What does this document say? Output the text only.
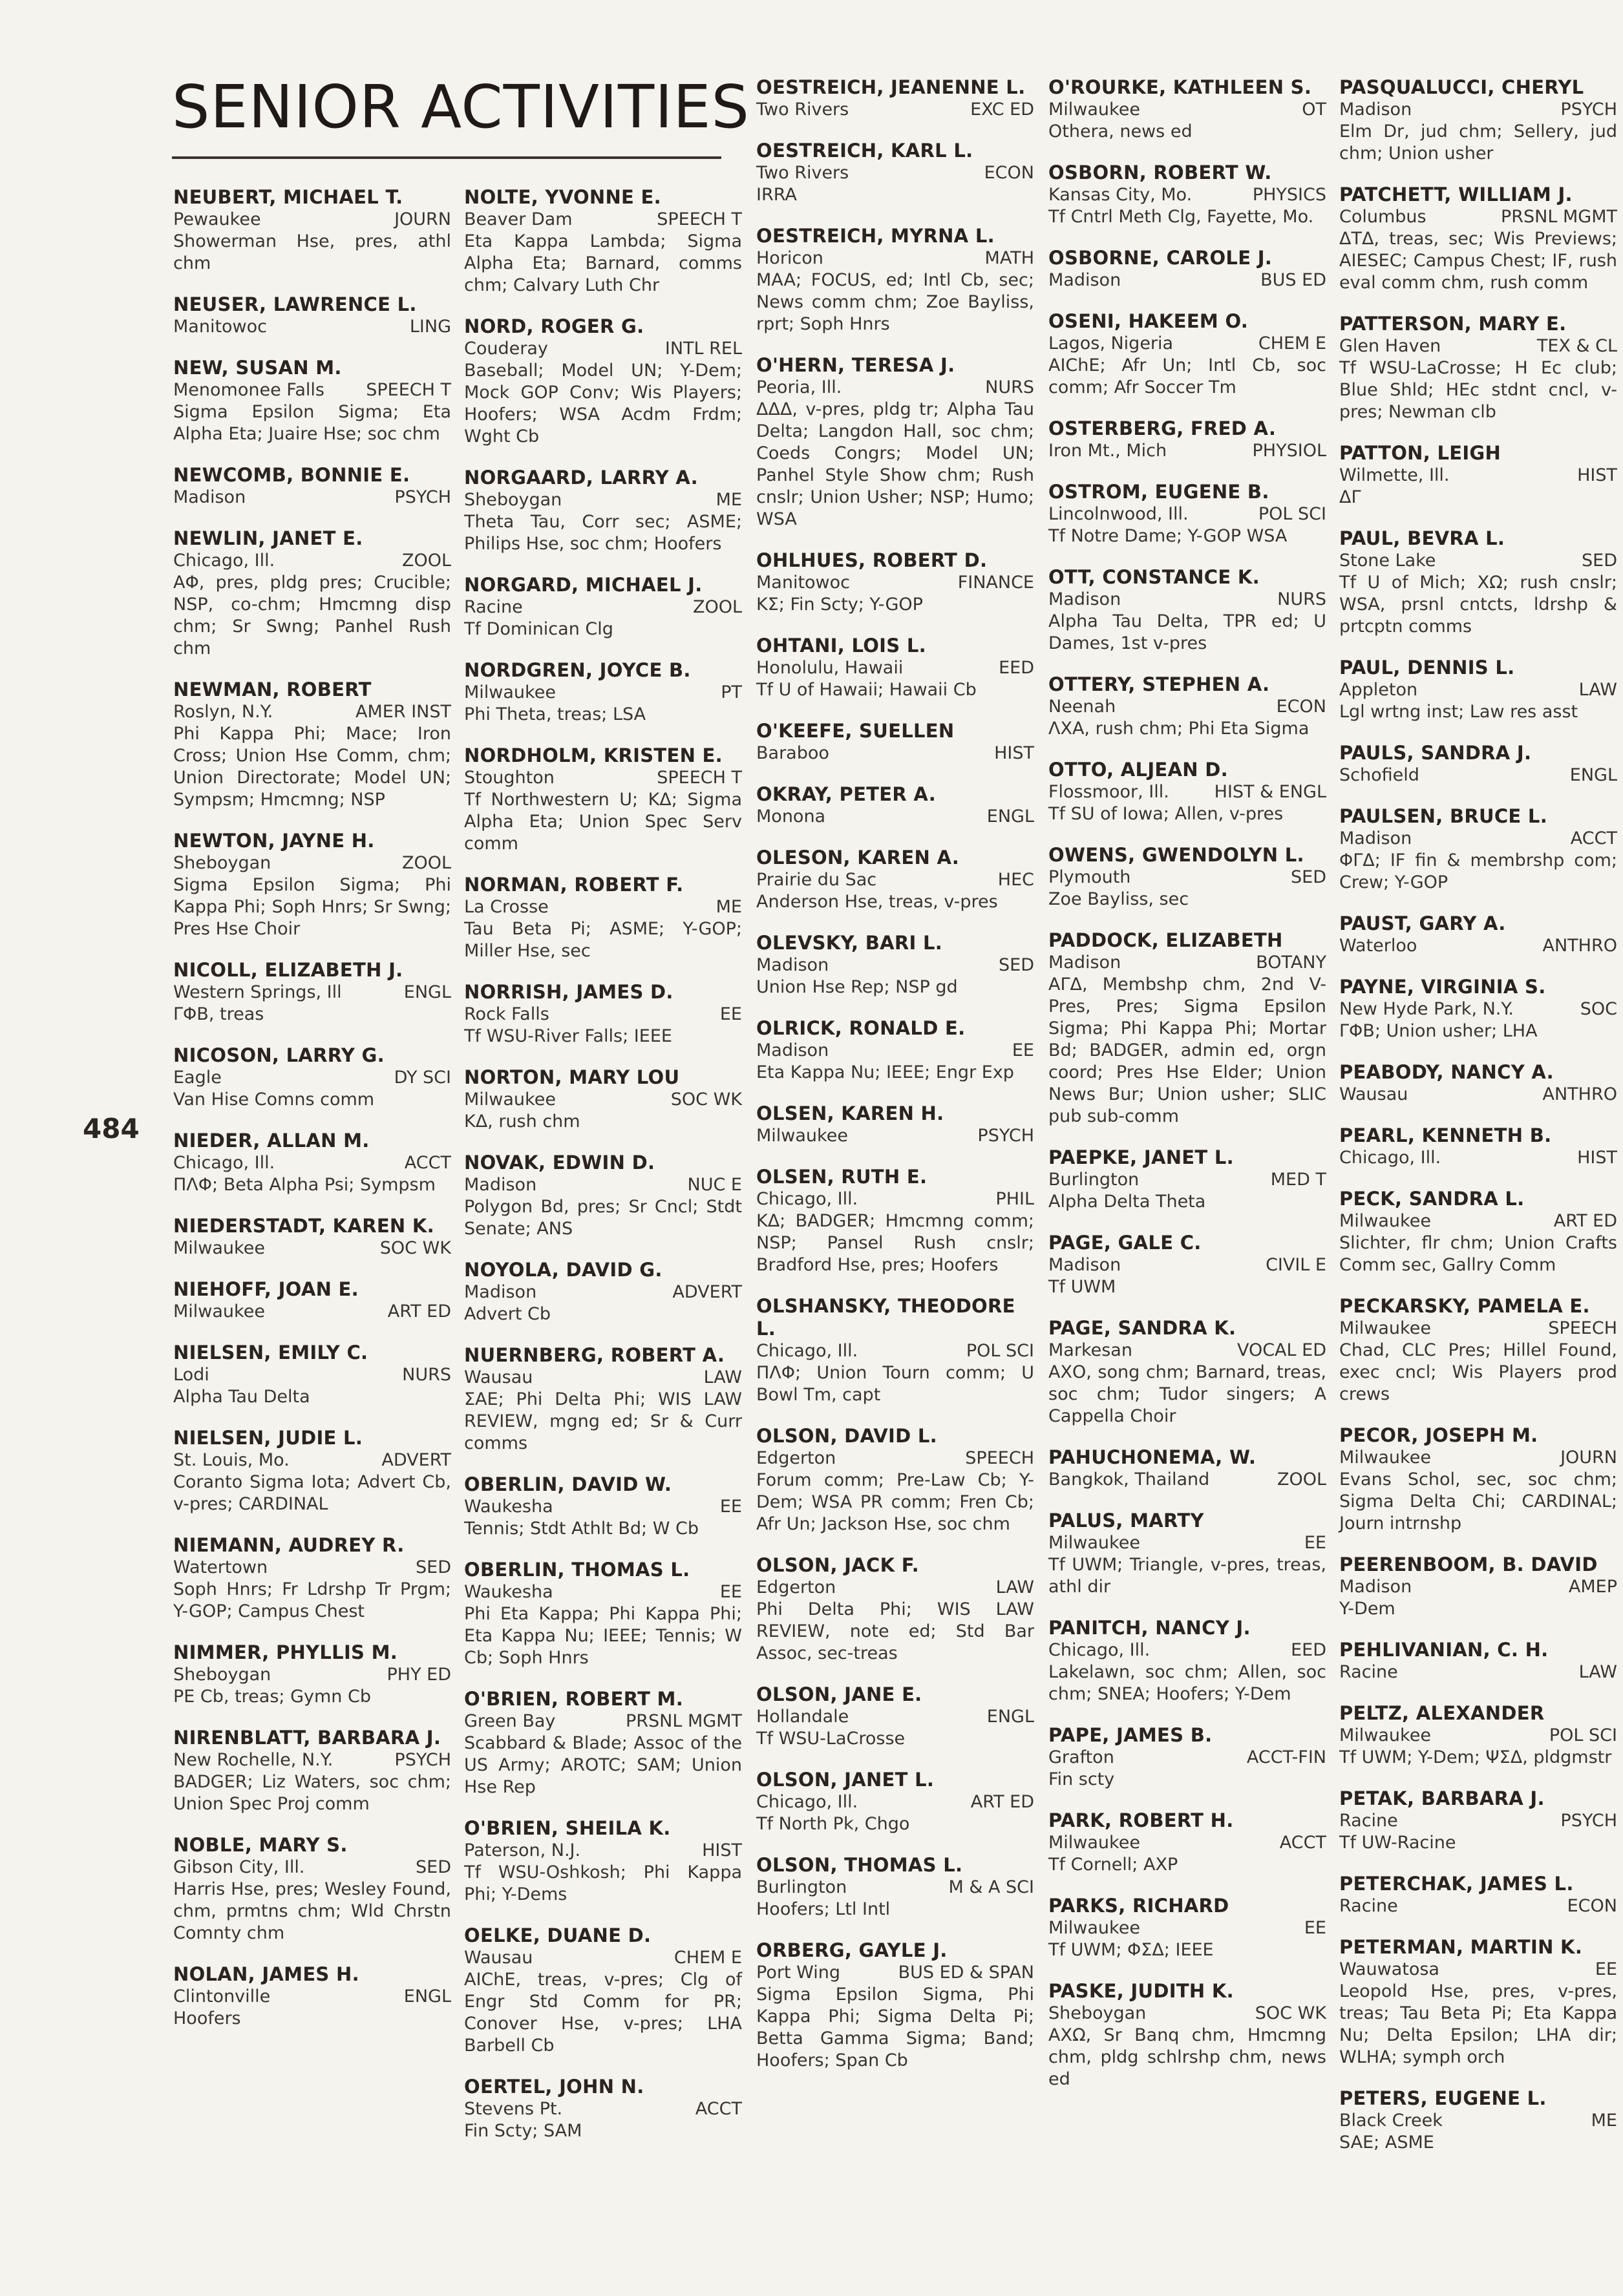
SENIOR ACTIVITIES
484
NEUBERT, MICHAEL T.
JOURN
Pewaukee
Showerman Hse, pres, athl chm
NEUSER, LAWRENCE L.
LING
Manitowoc
NEW, SUSAN M.
SPEECH T
Menomonee Falls
Sigma Epsilon Sigma; Eta Alpha Eta; Juaire Hse; soc chm
NEWCOMB, BONNIE E.
PSYCH
Madison
NEWLIN, JANET E.
ZOOL
Chicago, Ill.
ΑΦ, pres, pldg pres; Crucible; NSP, co-chm; Hmcmng disp chm; Sr Swng; Panhel Rush chm
NEWMAN, ROBERT
AMER INST
Roslyn, N.Y.
Phi Kappa Phi; Mace; Iron Cross; Union Hse Comm, chm; Union Directorate; Model UN; Sympsm; Hmcmng; NSP
NEWTON, JAYNE H.
ZOOL
Sheboygan
Sigma Epsilon Sigma; Phi Kappa Phi; Soph Hnrs; Sr Swng; Pres Hse Choir
NICOLL, ELIZABETH J.
ENGL
Western Springs, Ill
ΓΦΒ, treas
NICOSON, LARRY G.
DY SCI
Eagle
Van Hise Comns comm
NIEDER, ALLAN M.
ACCT
Chicago, Ill.
ΠΛΦ; Beta Alpha Psi; Sympsm
NIEDERSTADT, KAREN K.
SOC WK
Milwaukee
NIEHOFF, JOAN E.
ART ED
Milwaukee
NIELSEN, EMILY C.
NURS
Lodi
Alpha Tau Delta
NIELSEN, JUDIE L.
ADVERT
St. Louis, Mo.
Coranto Sigma Iota; Advert Cb, v-pres; CARDINAL
NIEMANN, AUDREY R.
SED
Watertown
Soph Hnrs; Fr Ldrshp Tr Prgm; Y-GOP; Campus Chest
NIMMER, PHYLLIS M.
PHY ED
Sheboygan
PE Cb, treas; Gymn Cb
NIRENBLATT, BARBARA J.
PSYCH
New Rochelle, N.Y.
BADGER; Liz Waters, soc chm; Union Spec Proj comm
NOBLE, MARY S.
SED
Gibson City, Ill.
Harris Hse, pres; Wesley Found, chm, prmtns chm; Wld Chrstn Comnty chm
NOLAN, JAMES H.
ENGL
Clintonville
Hoofers
NOLTE, YVONNE E.
SPEECH T
Beaver Dam
Eta Kappa Lambda; Sigma Alpha Eta; Barnard, comms chm; Calvary Luth Chr
NORD, ROGER G.
INTL REL
Couderay
Baseball; Model UN; Y-Dem; Mock GOP Conv; Wis Players; Hoofers; WSA Acdm Frdm; Wght Cb
NORGAARD, LARRY A.
ME
Sheboygan
Theta Tau, Corr sec; ASME; Philips Hse, soc chm; Hoofers
NORGARD, MICHAEL J.
ZOOL
Racine
Tf Dominican Clg
NORDGREN, JOYCE B.
PT
Milwaukee
Phi Theta, treas; LSA
NORDHOLM, KRISTEN E.
SPEECH T
Stoughton
Tf Northwestern U; ΚΔ; Sigma Alpha Eta; Union Spec Serv comm
NORMAN, ROBERT F.
ME
La Crosse
Tau Beta Pi; ASME; Y-GOP; Miller Hse, sec
NORRISH, JAMES D.
EE
Rock Falls
Tf WSU-River Falls; IEEE
NORTON, MARY LOU
SOC WK
Milwaukee
ΚΔ, rush chm
NOVAK, EDWIN D.
NUC E
Madison
Polygon Bd, pres; Sr Cncl; Stdt Senate; ANS
NOYOLA, DAVID G.
ADVERT
Madison
Advert Cb
NUERNBERG, ROBERT A.
LAW
Wausau
ΣΑΕ; Phi Delta Phi; WIS LAW REVIEW, mgng ed; Sr & Curr comms
OBERLIN, DAVID W.
EE
Waukesha
Tennis; Stdt Athlt Bd; W Cb
OBERLIN, THOMAS L.
EE
Waukesha
Phi Eta Kappa; Phi Kappa Phi; Eta Kappa Nu; IEEE; Tennis; W Cb; Soph Hnrs
O'BRIEN, ROBERT M.
PRSNL MGMT
Green Bay
Scabbard & Blade; Assoc of the US Army; AROTC; SAM; Union Hse Rep
O'BRIEN, SHEILA K.
HIST
Paterson, N.J.
Tf WSU-Oshkosh; Phi Kappa Phi; Y-Dems
OELKE, DUANE D.
CHEM E
Wausau
AIChE, treas, v-pres; Clg of Engr Std Comm for PR; Conover Hse, v-pres; LHA Barbell Cb
OERTEL, JOHN N.
ACCT
Stevens Pt.
Fin Scty; SAM
OESTREICH, JEANENNE L.
EXC ED
Two Rivers
OESTREICH, KARL L.
ECON
Two Rivers
IRRA
OESTREICH, MYRNA L.
MATH
Horicon
MAA; FOCUS, ed; Intl Cb, sec; News comm chm; Zoe Bayliss, rprt; Soph Hnrs
O'HERN, TERESA J.
NURS
Peoria, Ill.
ΔΔΔ, v-pres, pldg tr; Alpha Tau Delta; Langdon Hall, soc chm; Coeds Congrs; Model UN; Panhel Style Show chm; Rush cnslr; Union Usher; NSP; Humo; WSA
OHLHUES, ROBERT D.
FINANCE
Manitowoc
ΚΣ; Fin Scty; Y-GOP
OHTANI, LOIS L.
EED
Honolulu, Hawaii
Tf U of Hawaii; Hawaii Cb
O'KEEFE, SUELLEN
HIST
Baraboo
OKRAY, PETER A.
ENGL
Monona
OLESON, KAREN A.
HEC
Prairie du Sac
Anderson Hse, treas, v-pres
OLEVSKY, BARI L.
SED
Madison
Union Hse Rep; NSP gd
OLRICK, RONALD E.
EE
Madison
Eta Kappa Nu; IEEE; Engr Exp
OLSEN, KAREN H.
PSYCH
Milwaukee
OLSEN, RUTH E.
PHIL
Chicago, Ill.
ΚΔ; BADGER; Hmcmng comm; NSP; Pansel Rush cnslr; Bradford Hse, pres; Hoofers
OLSHANSKY, THEODORE L.
POL SCI
Chicago, Ill.
ΠΛΦ; Union Tourn comm; U Bowl Tm, capt
OLSON, DAVID L.
SPEECH
Edgerton
Forum comm; Pre-Law Cb; Y-Dem; WSA PR comm; Fren Cb; Afr Un; Jackson Hse, soc chm
OLSON, JACK F.
LAW
Edgerton
Phi Delta Phi; WIS LAW REVIEW, note ed; Std Bar Assoc, sec-treas
OLSON, JANE E.
ENGL
Hollandale
Tf WSU-LaCrosse
OLSON, JANET L.
ART ED
Chicago, Ill.
Tf North Pk, Chgo
OLSON, THOMAS L.
M & A SCI
Burlington
Hoofers; Ltl Intl
ORBERG, GAYLE J.
BUS ED & SPAN
Port Wing
Sigma Epsilon Sigma, Phi Kappa Phi; Sigma Delta Pi; Betta Gamma Sigma; Band; Hoofers; Span Cb
O'ROURKE, KATHLEEN S.
OT
Milwaukee
Othera, news ed
OSBORN, ROBERT W.
PHYSICS
Kansas City, Mo.
Tf Cntrl Meth Clg, Fayette, Mo.
OSBORNE, CAROLE J.
BUS ED
Madison
OSENI, HAKEEM O.
CHEM E
Lagos, Nigeria
AIChE; Afr Un; Intl Cb, soc comm; Afr Soccer Tm
OSTERBERG, FRED A.
PHYSIOL
Iron Mt., Mich
OSTROM, EUGENE B.
POL SCI
Lincolnwood, Ill.
Tf Notre Dame; Y-GOP WSA
OTT, CONSTANCE K.
NURS
Madison
Alpha Tau Delta, TPR ed; U Dames, 1st v-pres
OTTERY, STEPHEN A.
ECON
Neenah
ΛΧΑ, rush chm; Phi Eta Sigma
OTTO, ALJEAN D.
HIST & ENGL
Flossmoor, Ill.
Tf SU of Iowa; Allen, v-pres
OWENS, GWENDOLYN L.
SED
Plymouth
Zoe Bayliss, sec
PADDOCK, ELIZABETH
BOTANY
Madison
ΑΓΔ, Membshp chm, 2nd V-Pres, Pres; Sigma Epsilon Sigma; Phi Kappa Phi; Mortar Bd; BADGER, admin ed, orgn coord; Pres Hse Elder; Union News Bur; Union usher; SLIC pub sub-comm
PAEPKE, JANET L.
MED T
Burlington
Alpha Delta Theta
PAGE, GALE C.
CIVIL E
Madison
Tf UWM
PAGE, SANDRA K.
VOCAL ED
Markesan
ΑΧΟ, song chm; Barnard, treas, soc chm; Tudor singers; A Cappella Choir
PAHUCHONEMA, W.
ZOOL
Bangkok, Thailand
PALUS, MARTY
EE
Milwaukee
Tf UWM; Triangle, v-pres, treas, athl dir
PANITCH, NANCY J.
EED
Chicago, Ill.
Lakelawn, soc chm; Allen, soc chm; SNEA; Hoofers; Y-Dem
PAPE, JAMES B.
ACCT-FIN
Grafton
Fin scty
PARK, ROBERT H.
ACCT
Milwaukee
Tf Cornell; ΑΧΡ
PARKS, RICHARD
EE
Milwaukee
Tf UWM; ΦΣΔ; IEEE
PASKE, JUDITH K.
SOC WK
Sheboygan
ΑΧΩ, Sr Banq chm, Hmcmng chm, pldg schlrshp chm, news ed
PASQUALUCCI, CHERYL
PSYCH
Madison
Elm Dr, jud chm; Sellery, jud chm; Union usher
PATCHETT, WILLIAM J.
PRSNL MGMT
Columbus
ΔΤΔ, treas, sec; Wis Previews; AIESEC; Campus Chest; IF, rush eval comm chm, rush comm
PATTERSON, MARY E.
TEX & CL
Glen Haven
Tf WSU-LaCrosse; H Ec club; Blue Shld; HEc stdnt cncl, v-pres; Newman clb
PATTON, LEIGH
HIST
Wilmette, Ill.
ΔΓ
PAUL, BEVRA L.
SED
Stone Lake
Tf U of Mich; ΧΩ; rush cnslr; WSA, prsnl cntcts, ldrshp & prtcptn comms
PAUL, DENNIS L.
LAW
Appleton
Lgl wrtng inst; Law res asst
PAULS, SANDRA J.
ENGL
Schofield
PAULSEN, BRUCE L.
ACCT
Madison
ΦΓΔ; IF fin & membrshp com; Crew; Y-GOP
PAUST, GARY A.
ANTHRO
Waterloo
PAYNE, VIRGINIA S.
SOC
New Hyde Park, N.Y.
ΓΦΒ; Union usher; LHA
PEABODY, NANCY A.
ANTHRO
Wausau
PEARL, KENNETH B.
HIST
Chicago, Ill.
PECK, SANDRA L.
ART ED
Milwaukee
Slichter, flr chm; Union Crafts Comm sec, Gallry Comm
PECKARSKY, PAMELA E.
SPEECH
Milwaukee
Chad, CLC Pres; Hillel Found, exec cncl; Wis Players prod crews
PECOR, JOSEPH M.
JOURN
Milwaukee
Evans Schol, sec, soc chm; Sigma Delta Chi; CARDINAL; Journ intrnshp
PEERENBOOM, B. DAVID
AMEP
Madison
Y-Dem
PEHLIVANIAN, C. H.
LAW
Racine
PELTZ, ALEXANDER
POL SCI
Milwaukee
Tf UWM; Y-Dem; ΨΣΔ, pldgmstr
PETAK, BARBARA J.
PSYCH
Racine
Tf UW-Racine
PETERCHAK, JAMES L.
ECON
Racine
PETERMAN, MARTIN K.
EE
Wauwatosa
Leopold Hse, pres, v-pres, treas; Tau Beta Pi; Eta Kappa Nu; Delta Epsilon; LHA dir; WLHA; symph orch
PETERS, EUGENE L.
ME
Black Creek
SAE; ASME
